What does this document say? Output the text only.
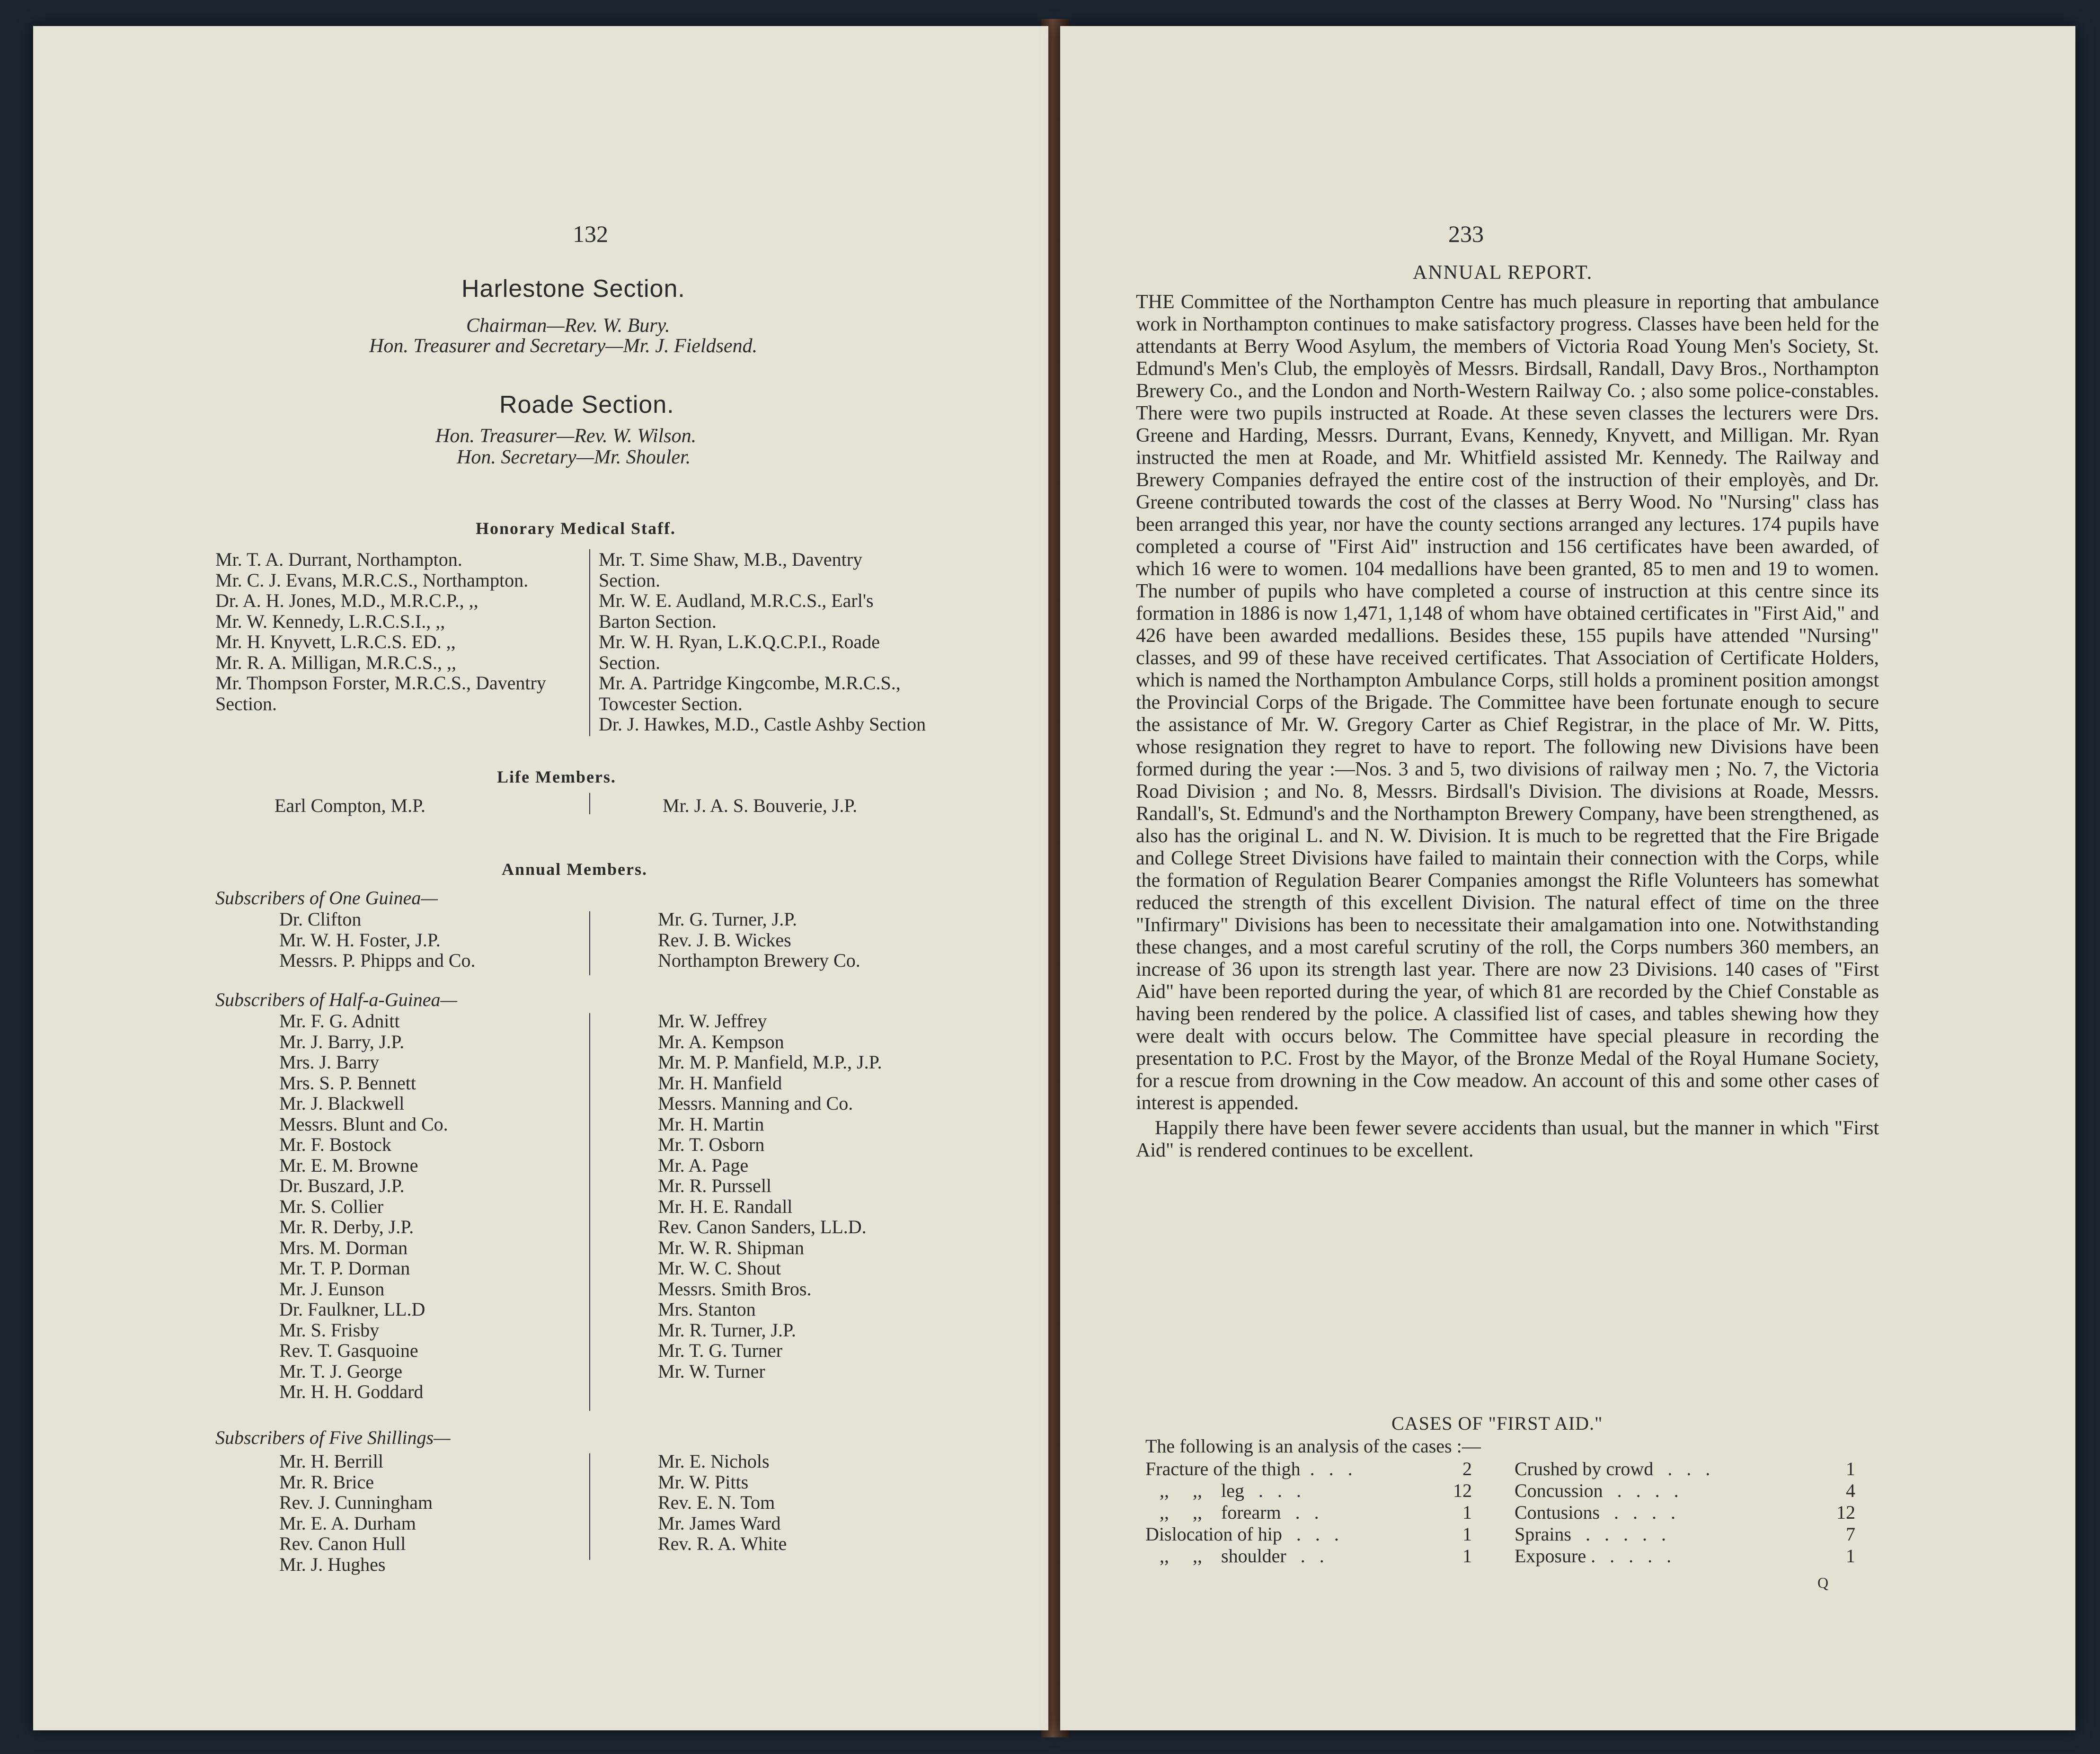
132
Harlestone Section.
Chairman—Rev. W. Bury.
Hon. Treasurer and Secretary—Mr. J. Fieldsend.
Roade Section.
Hon. Treasurer—Rev. W. Wilson.
Hon. Secretary—Mr. Shouler.
Honorary Medical Staff.
Mr. T. A. Durrant, Northampton.
Mr. C. J. Evans, M.R.C.S., Northampton.
Dr. A. H. Jones, M.D., M.R.C.P., ,,
Mr. W. Kennedy, L.R.C.S.I., ,,
Mr. H. Knyvett, L.R.C.S. ED. ,,
Mr. R. A. Milligan, M.R.C.S., ,,
Mr. Thompson Forster, M.R.C.S., Daventry
Section.
Mr. T. Sime Shaw, M.B., Daventry
Section.
Mr. W. E. Audland, M.R.C.S., Earl's
Barton Section.
Mr. W. H. Ryan, L.K.Q.C.P.I., Roade
Section.
Mr. A. Partridge Kingcombe, M.R.C.S.,
Towcester Section.
Dr. J. Hawkes, M.D., Castle Ashby Section
Life Members.
Earl Compton, M.P.	Mr. J. A. S. Bouverie, J.P.
Annual Members.
Subscribers of One Guinea—
Dr. Clifton
Mr. W. H. Foster, J.P.
Messrs. P. Phipps and Co.
Mr. G. Turner, J.P.
Rev. J. B. Wickes
Northampton Brewery Co.
Subscribers of Half-a-Guinea—
Mr. F. G. Adnitt
Mr. J. Barry, J.P.
Mrs. J. Barry
Mrs. S. P. Bennett
Mr. J. Blackwell
Messrs. Blunt and Co.
Mr. F. Bostock
Mr. E. M. Browne
Dr. Buszard, J.P.
Mr. S. Collier
Mr. R. Derby, J.P.
Mrs. M. Dorman
Mr. T. P. Dorman
Mr. J. Eunson
Dr. Faulkner, LL.D
Mr. S. Frisby
Rev. T. Gasquoine
Mr. T. J. George
Mr. H. H. Goddard
Mr. W. Jeffrey
Mr. A. Kempson
Mr. M. P. Manfield, M.P., J.P.
Mr. H. Manfield
Messrs. Manning and Co.
Mr. H. Martin
Mr. T. Osborn
Mr. A. Page
Mr. R. Purssell
Mr. H. E. Randall
Rev. Canon Sanders, LL.D.
Mr. W. R. Shipman
Mr. W. C. Shout
Messrs. Smith Bros.
Mrs. Stanton
Mr. R. Turner, J.P.
Mr. T. G. Turner
Mr. W. Turner
Subscribers of Five Shillings—
Mr. H. Berrill
Mr. R. Brice
Rev. J. Cunningham
Mr. E. A. Durham
Rev. Canon Hull
Mr. J. Hughes
Mr. E. Nichols
Mr. W. Pitts
Rev. E. N. Tom
Mr. James Ward
Rev. R. A. White
233
ANNUAL REPORT.

THE Committee of the Northampton Centre has much pleasure in reporting that ambulance work in Northampton continues to make satisfactory progress. Classes have been held for the attendants at Berry Wood Asylum, the members of Victoria Road Young Men's Society, St. Edmund's Men's Club, the employès of Messrs. Birdsall, Randall, Davy Bros., Northampton Brewery Co., and the London and North-Western Railway Co. ; also some police-constables. There were two pupils instructed at Roade. At these seven classes the lecturers were Drs. Greene and Harding, Messrs. Durrant, Evans, Kennedy, Knyvett, and Milligan. Mr. Ryan instructed the men at Roade, and Mr. Whitfield assisted Mr. Kennedy. The Railway and Brewery Companies defrayed the entire cost of the instruction of their employès, and Dr. Greene contributed towards the cost of the classes at Berry Wood. No "Nursing" class has been arranged this year, nor have the county sections arranged any lectures. 174 pupils have completed a course of "First Aid" instruction and 156 certificates have been awarded, of which 16 were to women. 104 medallions have been granted, 85 to men and 19 to women. The number of pupils who have completed a course of instruction at this centre since its formation in 1886 is now 1,471, 1,148 of whom have obtained certificates in "First Aid," and 426 have been awarded medallions. Besides these, 155 pupils have attended "Nursing" classes, and 99 of these have received certificates. That Association of Certificate Holders, which is named the Northampton Ambulance Corps, still holds a prominent position amongst the Provincial Corps of the Brigade. The Committee have been fortunate enough to secure the assistance of Mr. W. Gregory Carter as Chief Registrar, in the place of Mr. W. Pitts, whose resignation they regret to have to report. The following new Divisions have been formed during the year :—Nos. 3 and 5, two divisions of railway men ; No. 7, the Victoria Road Division ; and No. 8, Messrs. Birdsall's Division. The divisions at Roade, Messrs. Randall's, St. Edmund's and the Northampton Brewery Company, have been strengthened, as also has the original L. and N. W. Division. It is much to be regretted that the Fire Brigade and College Street Divisions have failed to maintain their connection with the Corps, while the formation of Regulation Bearer Companies amongst the Rifle Volunteers has somewhat reduced the strength of this excellent Division. The natural effect of time on the three "Infirmary" Divisions has been to necessitate their amalgamation into one. Notwithstanding these changes, and a most careful scrutiny of the roll, the Corps numbers 360 members, an increase of 36 upon its strength last year. There are now 23 Divisions. 140 cases of "First Aid" have been reported during the year, of which 81 are recorded by the Chief Constable as having been rendered by the police. A classified list of cases, and tables shewing how they were dealt with occurs below. The Committee have special pleasure in recording the presentation to P.C. Frost by the Mayor, of the Bronze Medal of the Royal Humane Society, for a rescue from drowning in the Cow meadow. An account of this and some other cases of interest is appended.

Happily there have been fewer severe accidents than usual, but the manner in which "First Aid" is rendered continues to be excellent.

CASES OF "FIRST AID."
The following is an analysis of the cases :—
Fracture of the thigh  .   .   .	2
,,     ,,    leg   .   .   .	12
,,     ,,    forearm   .   .	1
Dislocation of hip   .   .   .	1
,,     ,,    shoulder   .   .	1
Crushed by crowd   .   .   .	1
Concussion   .   .   .   .	4
Contusions   .   .   .   .	12
Sprains   .   .   .   .   .	7
Exposure .   .   .   .   .	1
Q
